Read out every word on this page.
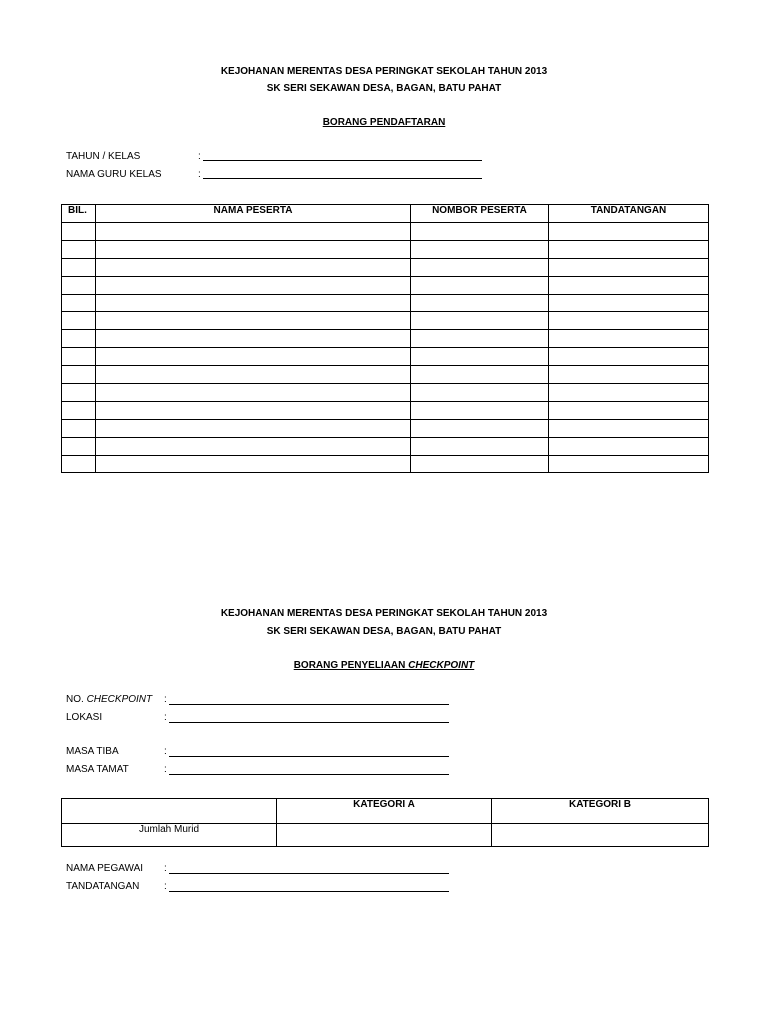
KEJOHANAN MERENTAS DESA PERINGKAT SEKOLAH TAHUN 2013
SK SERI SEKAWAN DESA, BAGAN, BATU PAHAT
BORANG PENDAFTARAN
TAHUN / KELAS	:
NAMA GURU KELAS	:
BIL.	NAMA PESERTA	NOMBOR PESERTA	TANDATANGAN

KEJOHANAN MERENTAS DESA PERINGKAT SEKOLAH TAHUN 2013
SK SERI SEKAWAN DESA, BAGAN, BATU PAHAT
BORANG PENYELIAAN CHECKPOINT
NO. CHECKPOINT :
LOKASI	:
MASA TIBA	:
MASA TAMAT	:
	KATEGORI A	KATEGORI B
Jumlah Murid		
NAMA PEGAWAI :
TANDATANGAN :
